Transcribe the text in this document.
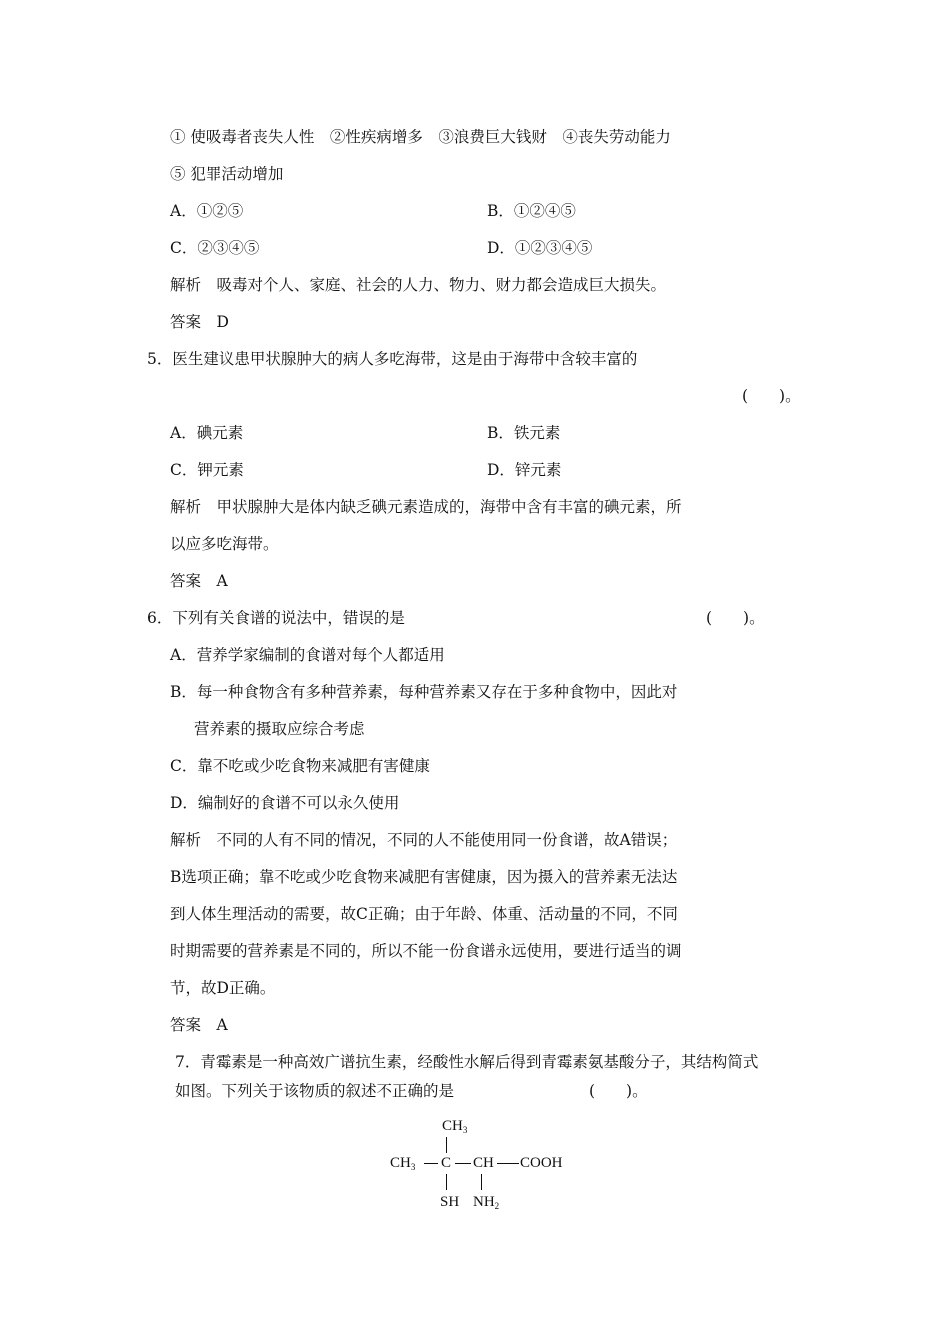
① 使吸毒者丧失人性　②性疾病增多　③浪费巨大钱财　④丧失劳动能力
⑤ 犯罪活动增加
A．①②⑤	B．①②④⑤
C．②③④⑤	D．①②③④⑤
解析　吸毒对个人、家庭、社会的人力、物力、财力都会造成巨大损失。
答案　D
5．医生建议患甲状腺肿大的病人多吃海带，这是由于海带中含较丰富的
(　　)。
A．碘元素	B．铁元素
C．钾元素	D．锌元素
解析　甲状腺肿大是体内缺乏碘元素造成的，海带中含有丰富的碘元素，所
以应多吃海带。
答案　A
6．下列有关食谱的说法中，错误的是	(　　)。
A．营养学家编制的食谱对每个人都适用
B．每一种食物含有多种营养素，每种营养素又存在于多种食物中，因此对
营养素的摄取应综合考虑
C．靠不吃或少吃食物来减肥有害健康
D．编制好的食谱不可以永久使用
解析　不同的人有不同的情况，不同的人不能使用同一份食谱，故A错误；
B选项正确；靠不吃或少吃食物来减肥有害健康，因为摄入的营养素无法达
到人体生理活动的需要，故C正确；由于年龄、体重、活动量的不同，不同
时期需要的营养素是不同的，所以不能一份食谱永远使用，要进行适当的调
节，故D正确。
答案　A
7．青霉素是一种高效广谱抗生素，经酸性水解后得到青霉素氨基酸分子，其结构简式
如图。下列关于该物质的叙述不正确的是	(　　)。
$CH_3$
$CH_3$ C CH COOH
SH $NH_2$
